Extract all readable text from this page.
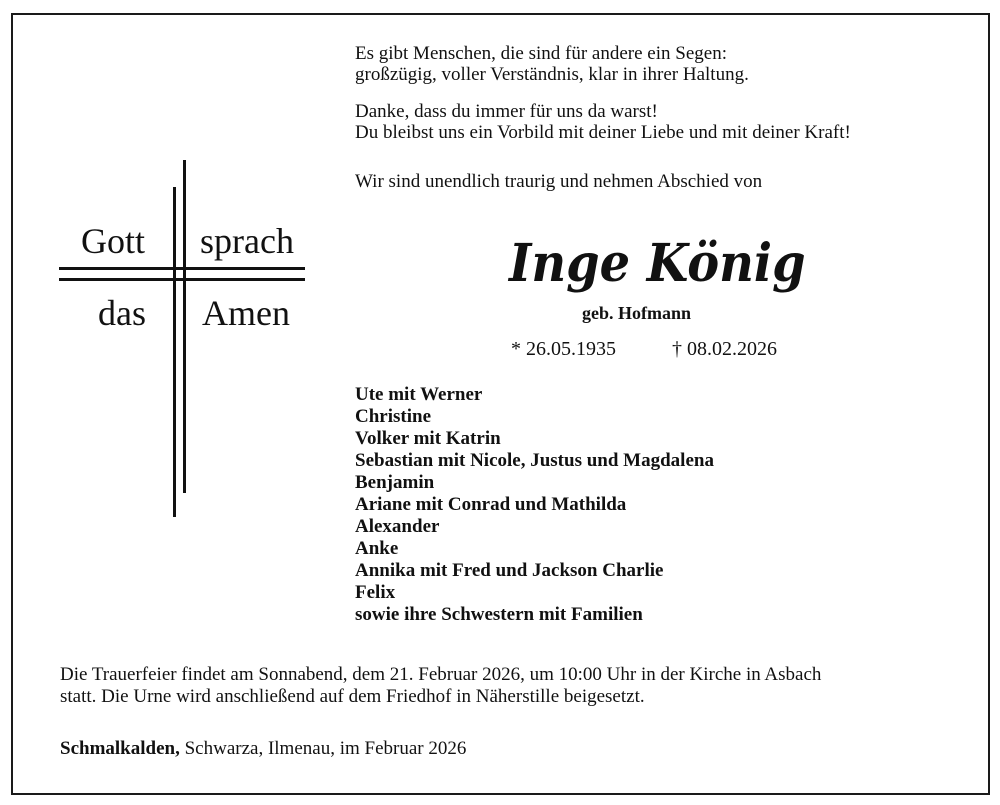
Es gibt Menschen, die sind für andere ein Segen:
großzügig, voller Verständnis, klar in ihrer Haltung.
Danke, dass du immer für uns da warst!
Du bleibst uns ein Vorbild mit deiner Liebe und mit deiner Kraft!
Wir sind unendlich traurig und nehmen Abschied von
Gott sprach
das Amen
Inge König
geb. Hofmann
* 26.05.1935	† 08.02.2026
Ute mit Werner
Christine
Volker mit Katrin
Sebastian mit Nicole, Justus und Magdalena
Benjamin
Ariane mit Conrad und Mathilda
Alexander
Anke
Annika mit Fred und Jackson Charlie
Felix
sowie ihre Schwestern mit Familien
Die Trauerfeier findet am Sonnabend, dem 21. Februar 2026, um 10:00 Uhr in der Kirche in Asbach
statt. Die Urne wird anschließend auf dem Friedhof in Näherstille beigesetzt.
Schmalkalden, Schwarza, Ilmenau, im Februar 2026
